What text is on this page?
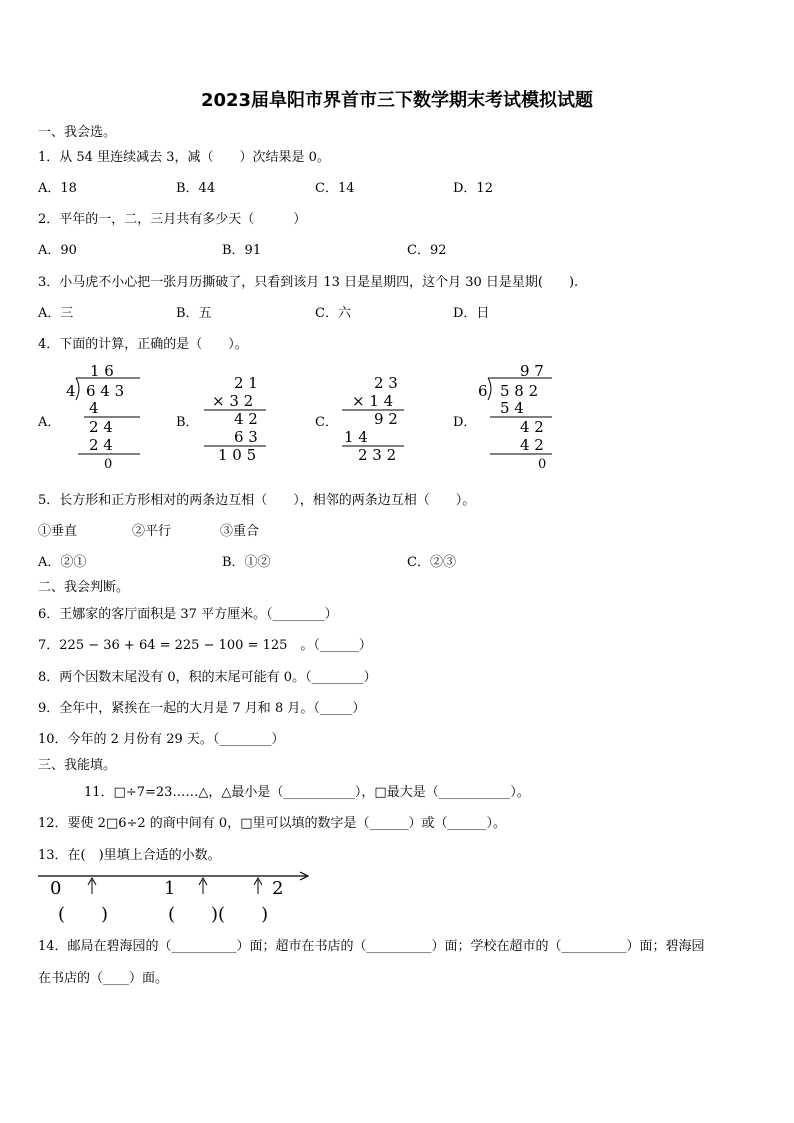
2023届阜阳市界首市三下数学期末考试模拟试题
一、我会选。
1．从 54 里连续减去 3，减（　　）次结果是 0。
A．18	B．44	C．14	D．12
2．平年的一，二，三月共有多少天（　　　）
A．90	B．91	C．92
3．小马虎不小心把一张月历撕破了，只看到该月 13 日是星期四，这个月 30 日是星期(　　).
A．三	B．五	C．六	D．日
4．下面的计算，正确的是（　　）。
A．
1 6
4 6 4 3
4
2 4
2 4
0
B．
2 1
× 3 2
4 2
6 3
1 0 5
C．
2 3
× 1 4
9 2
1 4
2 3 2
D．
9 7
6 5 8 2
5 4
4 2
4 2
0
5．长方形和正方形相对的两条边互相（　　），相邻的两条边互相（　　）。
①垂直	②平行	③重合
A．②①	B．①②	C．②③
二、我会判断。
6．王娜家的客厅面积是 37 平方厘米。（________）
7．225 − 36 + 64 = 225 − 100 = 125　。（______）
8．两个因数末尾没有 0，积的末尾可能有 0。（________）
9．全年中，紧挨在一起的大月是 7 月和 8 月。（_____）
10．今年的 2 月份有 29 天。（________）
三、我能填。
11．□÷7=23……△，△最小是（___________），□最大是（___________）。
12．要使 2□6÷2 的商中间有 0，□里可以填的数字是（______）或（______）。
13．在(　)里填上合适的小数。
0	1	2
(　　)	(　　)(　　)
14．邮局在碧海园的（__________）面；超市在书店的（__________）面；学校在超市的（__________）面；碧海园
在书店的（____）面。
